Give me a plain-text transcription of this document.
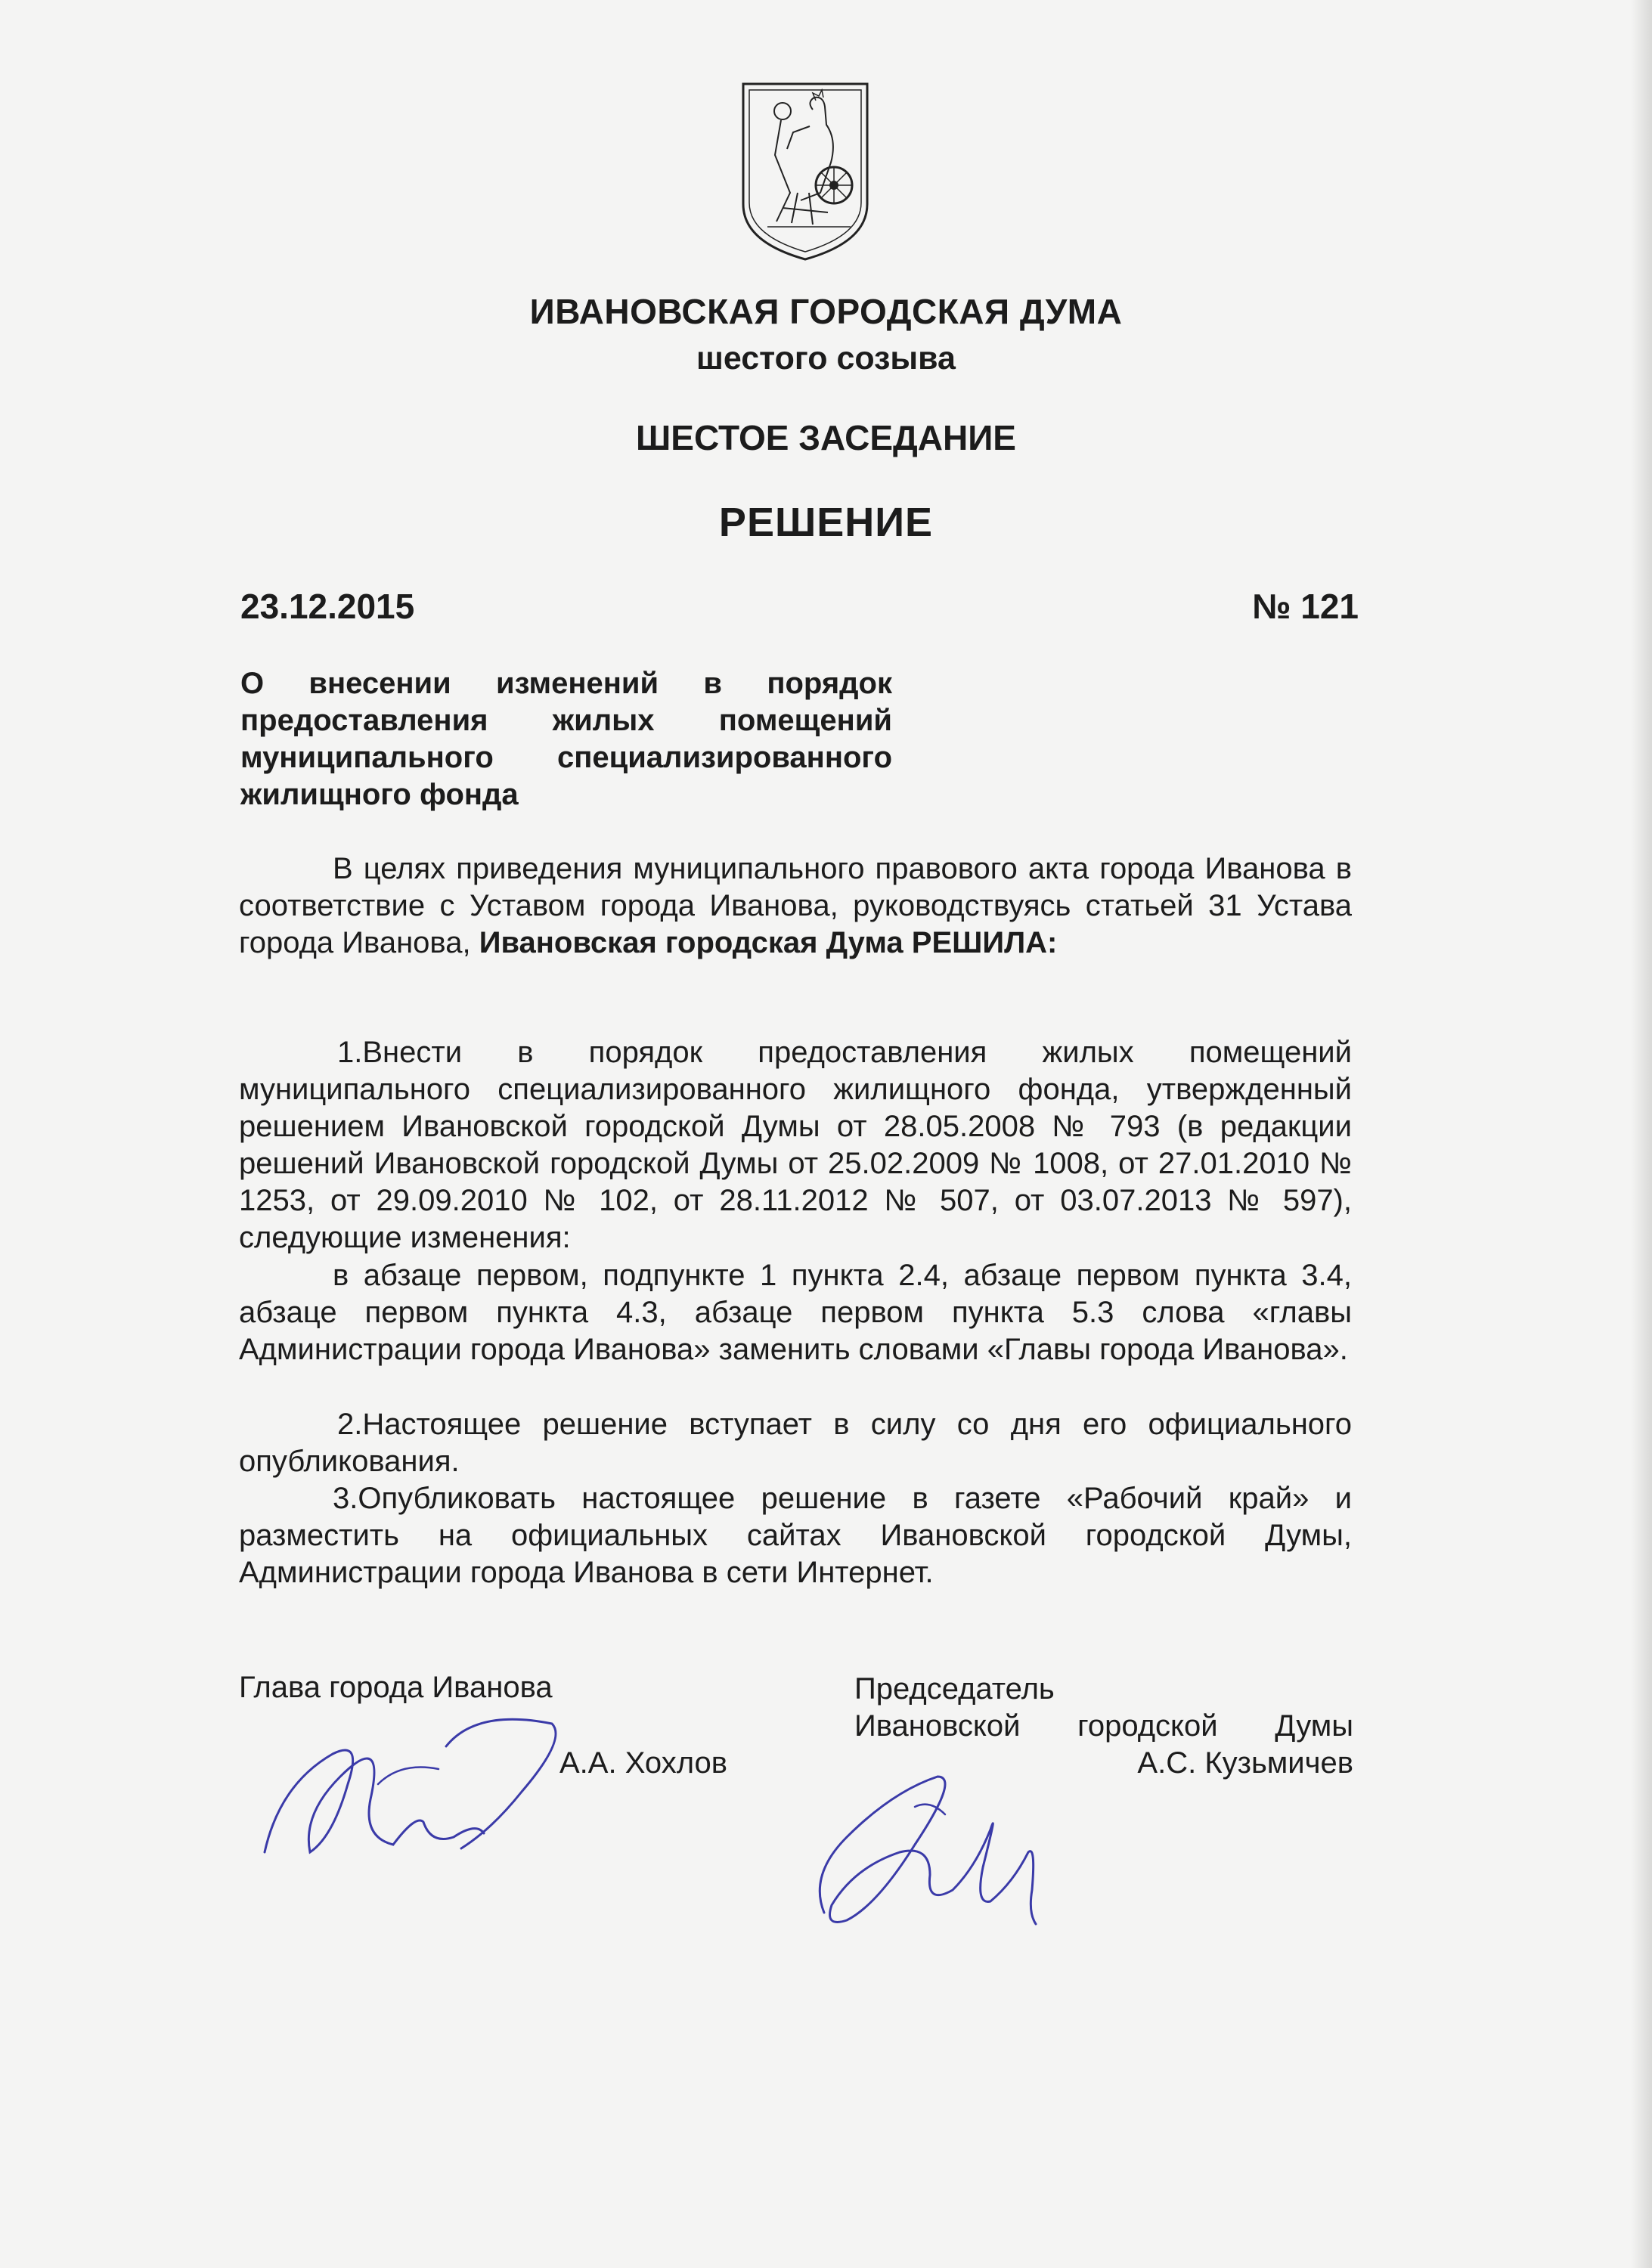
ИВАНОВСКАЯ ГОРОДСКАЯ ДУМА
шестого созыва
ШЕСТОЕ ЗАСЕДАНИЕ
РЕШЕНИЕ
23.12.2015	№ 121
О внесении изменений в порядок
предоставления жилых помещений
муниципального специализированного
жилищного фонда
В целях приведения муниципального правового акта города Иванова в соответствие с Уставом города Иванова, руководствуясь статьей 31 Устава города Иванова, Ивановская городская Дума РЕШИЛА:
1.Внести в порядок предоставления жилых помещений муниципального специализированного жилищного фонда, утвержденный решением Ивановской городской Думы от 28.05.2008 № 793 (в редакции решений Ивановской городской Думы от 25.02.2009 № 1008, от 27.01.2010 № 1253, от 29.09.2010 № 102, от 28.11.2012 № 507, от 03.07.2013 № 597), следующие изменения:
в абзаце первом, подпункте 1 пункта 2.4, абзаце первом пункта 3.4, абзаце первом пункта 4.3, абзаце первом пункта 5.3 слова «главы Администрации города Иванова» заменить словами «Главы города Иванова».
2.Настоящее решение вступает в силу со дня его официального опубликования.
3.Опубликовать настоящее решение в газете «Рабочий край» и разместить на официальных сайтах Ивановской городской Думы, Администрации города Иванова в сети Интернет.
Глава города Иванова
А.А. Хохлов
Председатель
Ивановской городской Думы
А.С. Кузьмичев
